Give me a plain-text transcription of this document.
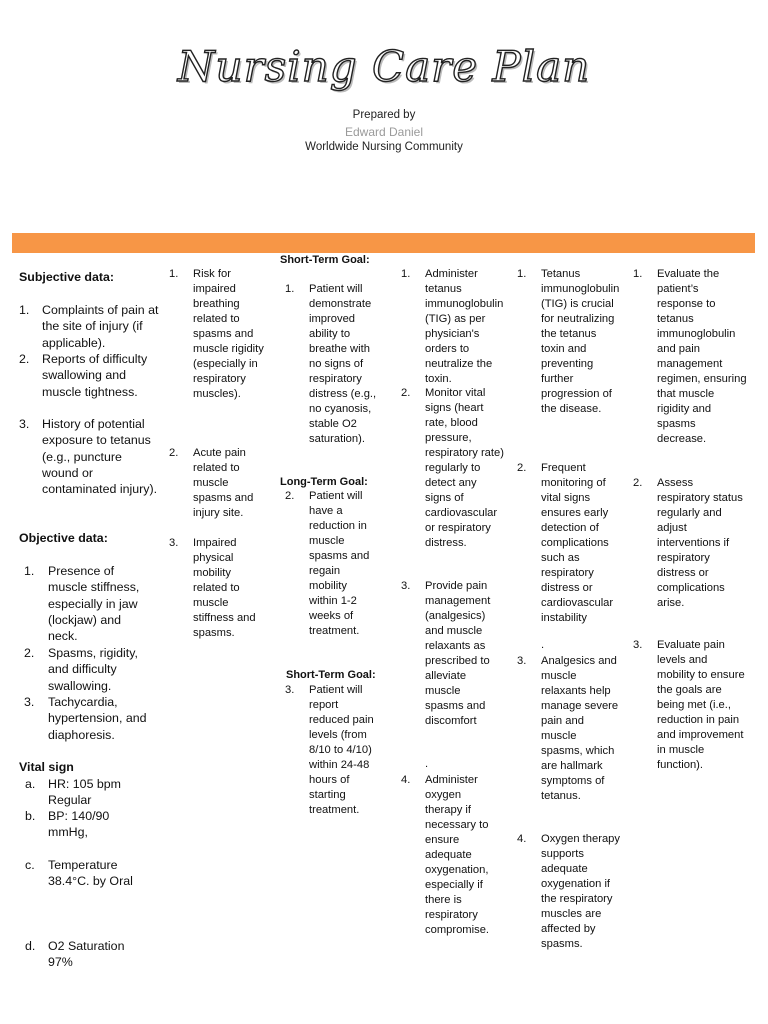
Nursing Care Plan
Prepared by
Edward Daniel
Worldwide Nursing Community
Subjective data:
1. Complaints of pain at the site of injury (if applicable).
2. Reports of difficulty swallowing and muscle tightness.
3. History of potential exposure to tetanus (e.g., puncture wound or contaminated injury).
Objective data:
1. Presence of muscle stiffness, especially in jaw (lockjaw) and neck.
2. Spasms, rigidity, and difficulty swallowing.
3. Tachycardia, hypertension, and diaphoresis.
Vital sign
a. HR: 105 bpm Regular
b. BP: 140/90 mmHg,
c. Temperature 38.4°C. by Oral
d. O2 Saturation 97%
1. Risk for impaired breathing related to spasms and muscle rigidity (especially in respiratory muscles).
2. Acute pain related to muscle spasms and injury site.
3. Impaired physical mobility related to muscle stiffness and spasms.
Short-Term Goal:
1. Patient will demonstrate improved ability to breathe with no signs of respiratory distress (e.g., no cyanosis, stable O2 saturation).
Long-Term Goal:
2. Patient will have a reduction in muscle spasms and regain mobility within 1-2 weeks of treatment.
Short-Term Goal:
3. Patient will report reduced pain levels (from 8/10 to 4/10) within 24-48 hours of starting treatment.
1. Administer tetanus immunoglobulin (TIG) as per physician's orders to neutralize the toxin.
2. Monitor vital signs (heart rate, blood pressure, respiratory rate) regularly to detect any signs of cardiovascular or respiratory distress.
3. Provide pain management (analgesics) and muscle relaxants as prescribed to alleviate muscle spasms and discomfort
.
4. Administer oxygen therapy if necessary to ensure adequate oxygenation, especially if there is respiratory compromise.
1. Tetanus immunoglobulin (TIG) is crucial for neutralizing the tetanus toxin and preventing further progression of the disease.
2. Frequent monitoring of vital signs ensures early detection of complications such as respiratory distress or cardiovascular instability
.
3. Analgesics and muscle relaxants help manage severe pain and muscle spasms, which are hallmark symptoms of tetanus.
4. Oxygen therapy supports adequate oxygenation if the respiratory muscles are affected by spasms.
1. Evaluate the patient’s response to tetanus immunoglobulin and pain management regimen, ensuring that muscle rigidity and spasms decrease.
2. Assess respiratory status regularly and adjust interventions if respiratory distress or complications arise.
3. Evaluate pain levels and mobility to ensure the goals are being met (i.e., reduction in pain and improvement in muscle function).
